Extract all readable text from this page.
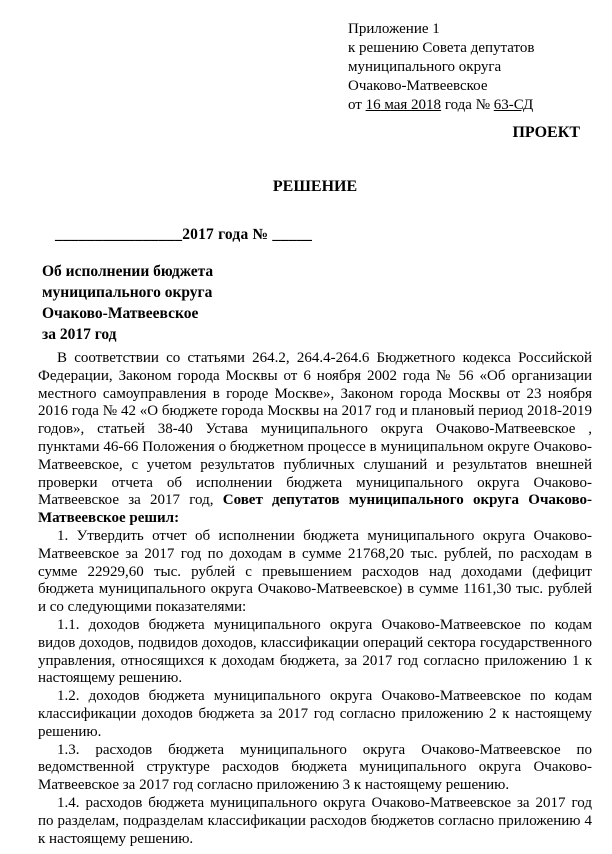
Приложение 1
к решению Совета депутатов
муниципального округа
Очаково-Матвеевское
от 16 мая 2018 года № 63-СД
ПРОЕКТ
РЕШЕНИЕ

________________2017 года № _____

Об исполнении бюджета
муниципального округа
Очаково-Матвеевское
за 2017 год

В соответствии со статьями 264.2, 264.4-264.6 Бюджетного кодекса Российской Федерации, Законом города Москвы от 6 ноября 2002 года № 56 «Об организации местного самоуправления в городе Москве», Законом города Москвы от 23 ноября 2016 года № 42 «О бюджете города Москвы на 2017 год и плановый период 2018-2019 годов», статьей 38-40 Устава муниципального округа Очаково-Матвеевское , пунктами 46-66 Положения о бюджетном процессе в муниципальном округе Очаково-Матвеевское, с учетом результатов публичных слушаний и результатов внешней проверки отчета об исполнении бюджета муниципального округа Очаково-Матвеевское за 2017 год, Совет депутатов муниципального округа Очаково-Матвеевское решил:

1. Утвердить отчет об исполнении бюджета муниципального округа Очаково-Матвеевское за 2017 год по доходам в сумме 21768,20 тыс. рублей, по расходам в сумме 22929,60 тыс. рублей с превышением расходов над доходами (дефицит бюджета муниципального округа Очаково-Матвеевское) в сумме 1161,30 тыс. рублей и со следующими показателями:

1.1. доходов бюджета муниципального округа Очаково-Матвеевское по кодам видов доходов, подвидов доходов, классификации операций сектора государственного управления, относящихся к доходам бюджета, за 2017 год согласно приложению 1 к настоящему решению.

1.2. доходов бюджета муниципального округа Очаково-Матвеевское по кодам классификации доходов бюджета за 2017 год согласно приложению 2 к настоящему решению.

1.3. расходов бюджета муниципального округа Очаково-Матвеевское по ведомственной структуре расходов бюджета муниципального округа Очаково-Матвеевское за 2017 год согласно приложению 3 к настоящему решению.

1.4. расходов бюджета муниципального округа Очаково-Матвеевское за 2017 год по разделам, подразделам классификации расходов бюджетов согласно приложению 4 к настоящему решению.
